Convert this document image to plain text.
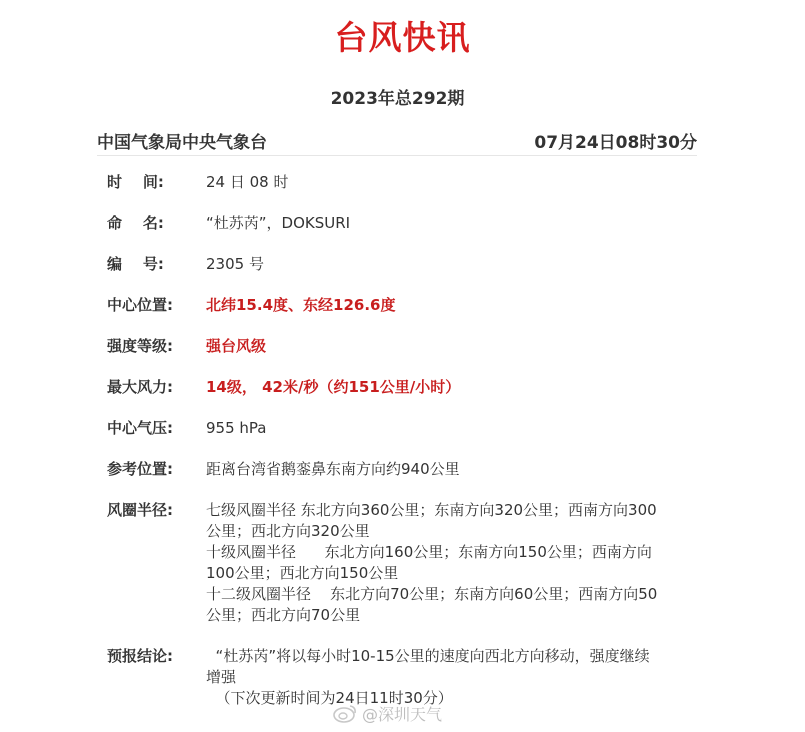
台风快讯
2023年总292期
中国气象局中央气象台	07月24日08时30分
时    间:	24 日 08 时
命    名:	“杜苏芮”，DOKSURI
编    号:	2305 号
中心位置: 北纬15.4度、东经126.6度
强度等级: 强台风级
最大风力: 14级， 42米/秒（约151公里/小时）
中心气压: 955 hPa
参考位置: 距离台湾省鹅銮鼻东南方向约940公里
风圈半径: 七级风圈半径 东北方向360公里；东南方向320公里；西南方向300
公里；西北方向320公里
十级风圈半径      东北方向160公里；东南方向150公里；西南方向
100公里；西北方向150公里
十二级风圈半径    东北方向70公里；东南方向60公里；西南方向50
公里；西北方向70公里
预报结论: “杜苏芮”将以每小时10-15公里的速度向西北方向移动，强度继续
增强
（下次更新时间为24日11时30分）
@深圳天气
